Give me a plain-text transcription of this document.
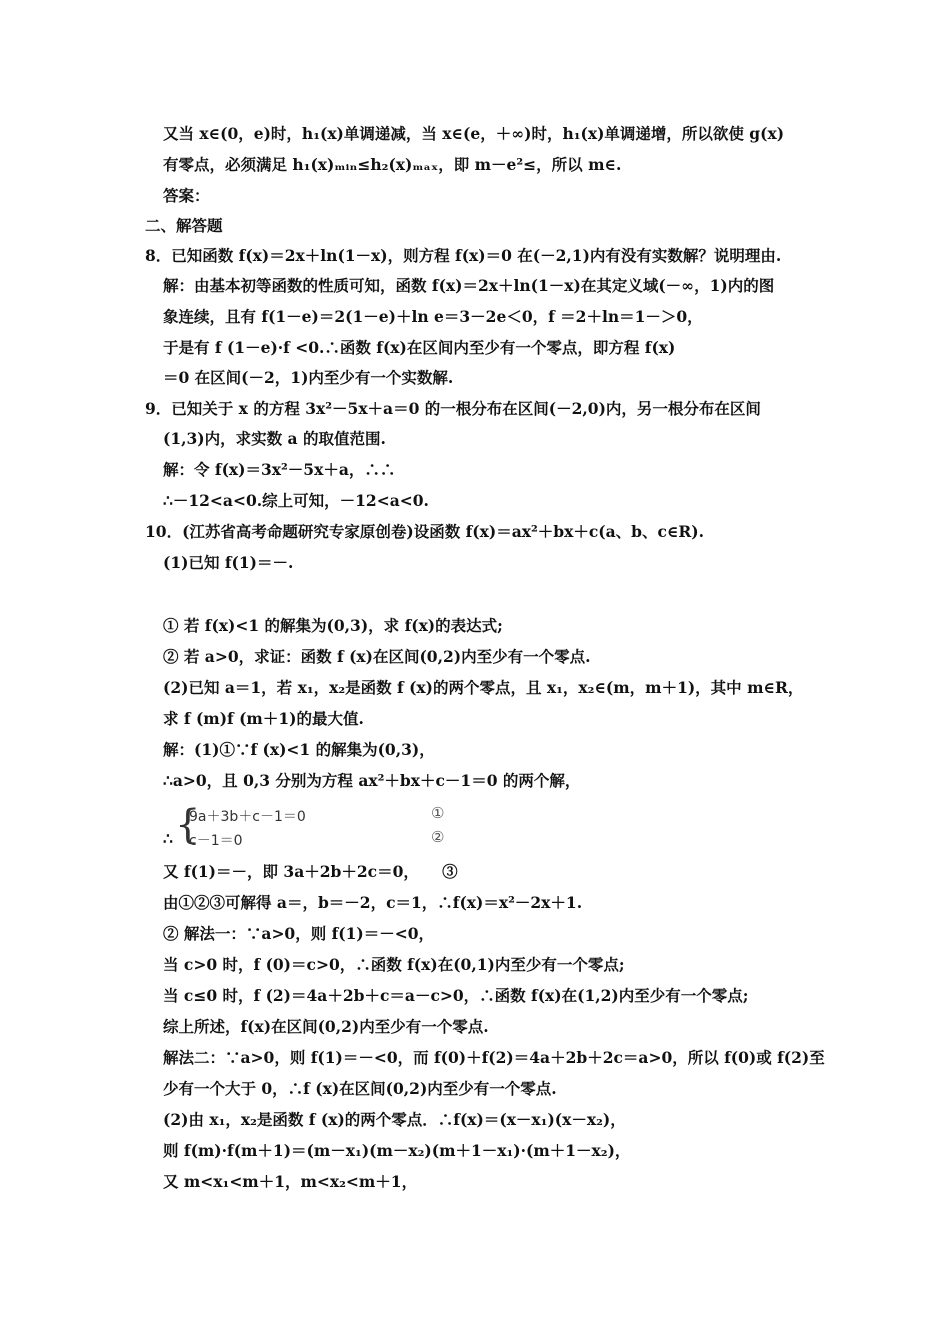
又当 x∈(0，e)时，h₁(x)单调递减，当 x∈(e，＋∞)时，h₁(x)单调递增，所以欲使 g(x)
有零点，必须满足 h₁(x)ₘᵢₙ≤h₂(x)ₘₐₓ，即 m－e²≤，所以 m∈.
答案：
二、解答题
8．已知函数 f(x)＝2x＋ln(1－x)，则方程 f(x)＝0 在(－2,1)内有没有实数解？说明理由.
解：由基本初等函数的性质可知，函数 f(x)＝2x＋ln(1－x)在其定义域(－∞，1)内的图
象连续，且有 f(1－e)＝2(1－e)＋ln e＝3－2e＜0，f ＝2＋ln＝1－＞0，
于是有 f (1－e)·f <0.∴函数 f(x)在区间内至少有一个零点，即方程 f(x)
＝0 在区间(－2，1)内至少有一个实数解.
9．已知关于 x 的方程 3x²－5x＋a＝0 的一根分布在区间(－2,0)内，另一根分布在区间
(1,3)内，求实数 a 的取值范围.
解：令 f(x)＝3x²－5x＋a，∴∴
∴－12<a<0.综上可知，－12<a<0.
10．(江苏省高考命题研究专家原创卷)设函数 f(x)＝ax²＋bx＋c(a、b、c∈R).
(1)已知 f(1)＝－.
① 若 f(x)<1 的解集为(0,3)，求 f(x)的表达式;
② 若 a>0，求证：函数 f (x)在区间(0,2)内至少有一个零点.
(2)已知 a＝1，若 x₁，x₂是函数 f (x)的两个零点，且 x₁，x₂∈(m，m＋1)，其中 m∈R，
求 f (m)f (m＋1)的最大值.
解：(1)①∵f (x)<1 的解集为(0,3)，
∴a>0，且 0,3 分别为方程 ax²＋bx＋c－1＝0 的两个解，
∴ {
9a＋3b＋c－1＝0
c－1＝0
①
②
又 f(1)＝－，即 3a＋2b＋2c＝0，　　③
由①②③可解得 a＝，b＝－2，c＝1，∴f(x)＝x²－2x＋1.
② 解法一：∵a>0，则 f(1)＝－<0，
当 c>0 时，f (0)＝c>0，∴函数 f(x)在(0,1)内至少有一个零点;
当 c≤0 时，f (2)＝4a＋2b＋c＝a－c>0，∴函数 f(x)在(1,2)内至少有一个零点;
综上所述，f(x)在区间(0,2)内至少有一个零点.
解法二：∵a>0，则 f(1)＝－<0，而 f(0)＋f(2)＝4a＋2b＋2c＝a>0，所以 f(0)或 f(2)至
少有一个大于 0，∴f (x)在区间(0,2)内至少有一个零点.
(2)由 x₁，x₂是函数 f (x)的两个零点．∴f(x)＝(x－x₁)(x－x₂)，
则 f(m)·f(m＋1)＝(m－x₁)(m－x₂)(m＋1－x₁)·(m＋1－x₂)，
又 m<x₁<m＋1，m<x₂<m＋1，
